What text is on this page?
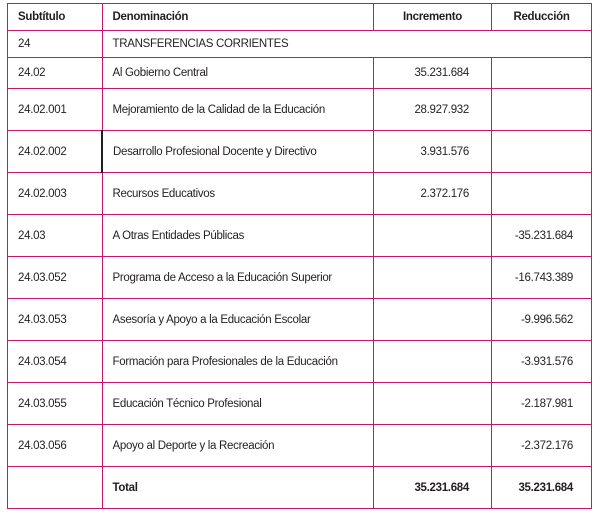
Subtítulo	Denominación	Incremento	Reducción
24	TRANSFERENCIAS CORRIENTES		
24.02	Al Gobierno Central	35.231.684	
24.02.001	Mejoramiento de la Calidad de la Educación	28.927.932	
24.02.002	Desarrollo Profesional Docente y Directivo	3.931.576	
24.02.003	Recursos Educativos	2.372.176	
24.03	A Otras Entidades Públicas		-35.231.684
24.03.052	Programa de Acceso a la Educación Superior		-16.743.389
24.03.053	Asesoría y Apoyo a la Educación Escolar		-9.996.562
24.03.054	Formación para Profesionales de la Educación		-3.931.576
24.03.055	Educación Técnico Profesional		-2.187.981
24.03.056	Apoyo al Deporte y la Recreación		-2.372.176
	Total	35.231.684	35.231.684
